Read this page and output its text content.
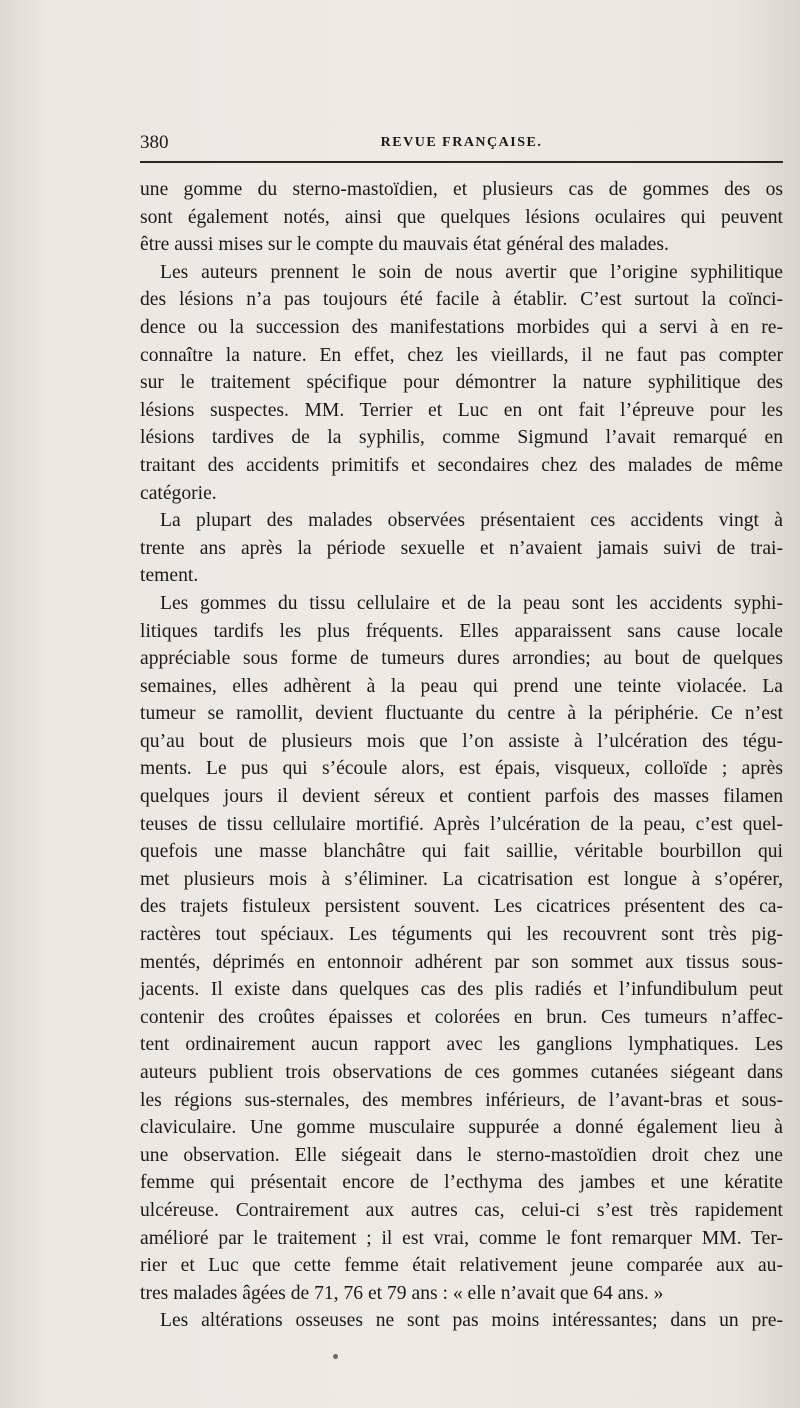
380	REVUE FRANÇAISE.
une gomme du sterno-mastoïdien, et plusieurs cas de gommes des os
sont également notés, ainsi que quelques lésions oculaires qui peuvent
être aussi mises sur le compte du mauvais état général des malades.
Les auteurs prennent le soin de nous avertir que l’origine syphilitique
des lésions n’a pas toujours été facile à établir. C’est surtout la coïnci-
dence ou la succession des manifestations morbides qui a servi à en re-
connaître la nature. En effet, chez les vieillards, il ne faut pas compter
sur le traitement spécifique pour démontrer la nature syphilitique des
lésions suspectes. MM. Terrier et Luc en ont fait l’épreuve pour les
lésions tardives de la syphilis, comme Sigmund l’avait remarqué en
traitant des accidents primitifs et secondaires chez des malades de même
catégorie.
La plupart des malades observées présentaient ces accidents vingt à
trente ans après la période sexuelle et n’avaient jamais suivi de trai-
tement.
Les gommes du tissu cellulaire et de la peau sont les accidents syphi-
litiques tardifs les plus fréquents. Elles apparaissent sans cause locale
appréciable sous forme de tumeurs dures arrondies; au bout de quelques
semaines, elles adhèrent à la peau qui prend une teinte violacée. La
tumeur se ramollit, devient fluctuante du centre à la périphérie. Ce n’est
qu’au bout de plusieurs mois que l’on assiste à l’ulcération des tégu-
ments. Le pus qui s’écoule alors, est épais, visqueux, colloïde ; après
quelques jours il devient séreux et contient parfois des masses filamen
teuses de tissu cellulaire mortifié. Après l’ulcération de la peau, c’est quel-
quefois une masse blanchâtre qui fait saillie, véritable bourbillon qui
met plusieurs mois à s’éliminer. La cicatrisation est longue à s’opérer,
des trajets fistuleux persistent souvent. Les cicatrices présentent des ca-
ractères tout spéciaux. Les téguments qui les recouvrent sont très pig-
mentés, déprimés en entonnoir adhérent par son sommet aux tissus sous-
jacents. Il existe dans quelques cas des plis radiés et l’infundibulum peut
contenir des croûtes épaisses et colorées en brun. Ces tumeurs n’affec-
tent ordinairement aucun rapport avec les ganglions lymphatiques. Les
auteurs publient trois observations de ces gommes cutanées siégeant dans
les régions sus-sternales, des membres inférieurs, de l’avant-bras et sous-
claviculaire. Une gomme musculaire suppurée a donné également lieu à
une observation. Elle siégeait dans le sterno-mastoïdien droit chez une
femme qui présentait encore de l’ecthyma des jambes et une kératite
ulcéreuse. Contrairement aux autres cas, celui-ci s’est très rapidement
amélioré par le traitement ; il est vrai, comme le font remarquer MM. Ter-
rier et Luc que cette femme était relativement jeune comparée aux au-
tres malades âgées de 71, 76 et 79 ans : « elle n’avait que 64 ans. »
Les altérations osseuses ne sont pas moins intéressantes; dans un pre-
